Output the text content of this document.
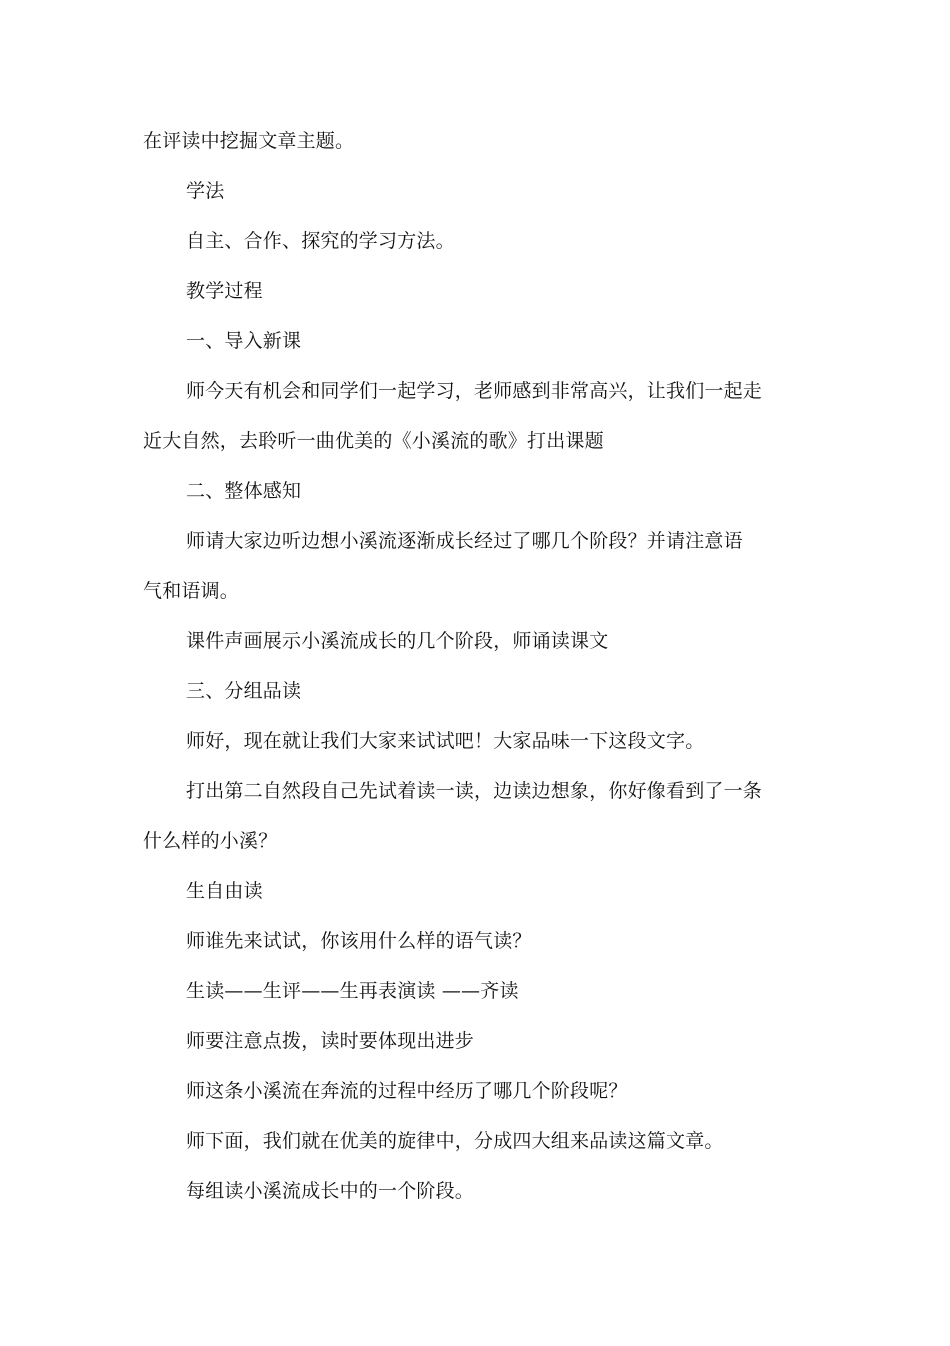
在评读中挖掘文章主题。
学法
自主、合作、探究的学习方法。
教学过程
一、导入新课
师今天有机会和同学们一起学习，老师感到非常高兴，让我们一起走
近大自然，去聆听一曲优美的《小溪流的歌》打出课题
二、整体感知
师请大家边听边想小溪流逐渐成长经过了哪几个阶段？并请注意语
气和语调。
课件声画展示小溪流成长的几个阶段，师诵读课文
三、分组品读
师好，现在就让我们大家来试试吧！大家品味一下这段文字。
打出第二自然段自己先试着读一读，边读边想象，你好像看到了一条
什么样的小溪？
生自由读
师谁先来试试，你该用什么样的语气读？
生读——生评——生再表演读 ——齐读
师要注意点拨，读时要体现出进步
师这条小溪流在奔流的过程中经历了哪几个阶段呢？
师下面，我们就在优美的旋律中，分成四大组来品读这篇文章。
每组读小溪流成长中的一个阶段。
